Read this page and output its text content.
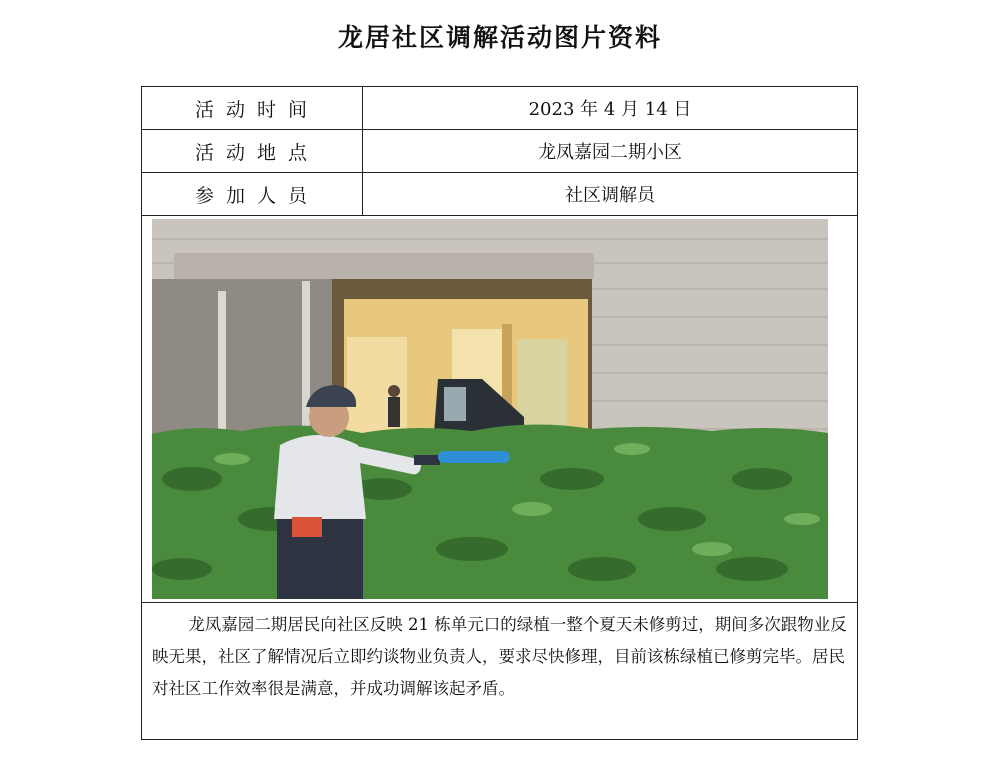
龙居社区调解活动图片资料
活动时间	2023 年 4 月 14 日
活动地点	龙凤嘉园二期小区
参加人员	社区调解员
龙凤嘉园二期居民向社区反映 21 栋单元口的绿植一整个夏天未修剪过，期间多次跟物业反映无果，社区了解情况后立即约谈物业负责人，要求尽快修理，目前该栋绿植已修剪完毕。居民对社区工作效率很是满意，并成功调解该起矛盾。
